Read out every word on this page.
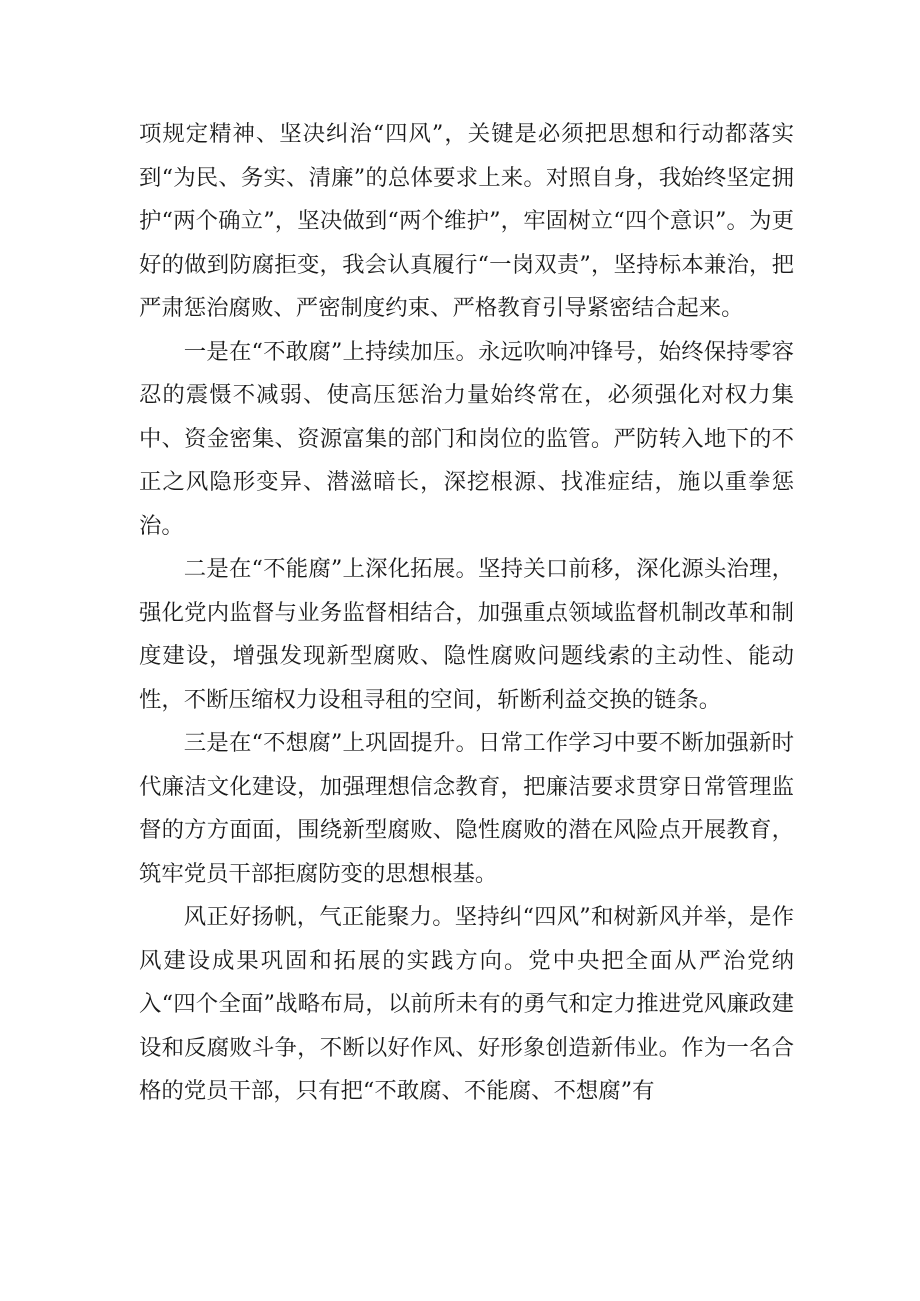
项规定精神、坚决纠治“四风”，关键是必须把思想和行动都落实到“为民、务实、清廉”的总体要求上来。对照自身，我始终坚定拥护“两个确立”，坚决做到“两个维护”，牢固树立“四个意识”。为更好的做到防腐拒变，我会认真履行“一岗双责”，坚持标本兼治，把严肃惩治腐败、严密制度约束、严格教育引导紧密结合起来。

一是在“不敢腐”上持续加压。永远吹响冲锋号，始终保持零容忍的震慑不减弱、使高压惩治力量始终常在，必须强化对权力集中、资金密集、资源富集的部门和岗位的监管。严防转入地下的不正之风隐形变异、潜滋暗长，深挖根源、找准症结，施以重拳惩治。

二是在“不能腐”上深化拓展。坚持关口前移，深化源头治理，强化党内监督与业务监督相结合，加强重点领域监督机制改革和制度建设，增强发现新型腐败、隐性腐败问题线索的主动性、能动性，不断压缩权力设租寻租的空间，斩断利益交换的链条。

三是在“不想腐”上巩固提升。日常工作学习中要不断加强新时代廉洁文化建设，加强理想信念教育，把廉洁要求贯穿日常管理监督的方方面面，围绕新型腐败、隐性腐败的潜在风险点开展教育，筑牢党员干部拒腐防变的思想根基。

风正好扬帆，气正能聚力。坚持纠“四风”和树新风并举，是作风建设成果巩固和拓展的实践方向。党中央把全面从严治党纳入“四个全面”战略布局，以前所未有的勇气和定力推进党风廉政建设和反腐败斗争，不断以好作风、好形象创造新伟业。作为一名合格的党员干部，只有把“不敢腐、不能腐、不想腐”有
